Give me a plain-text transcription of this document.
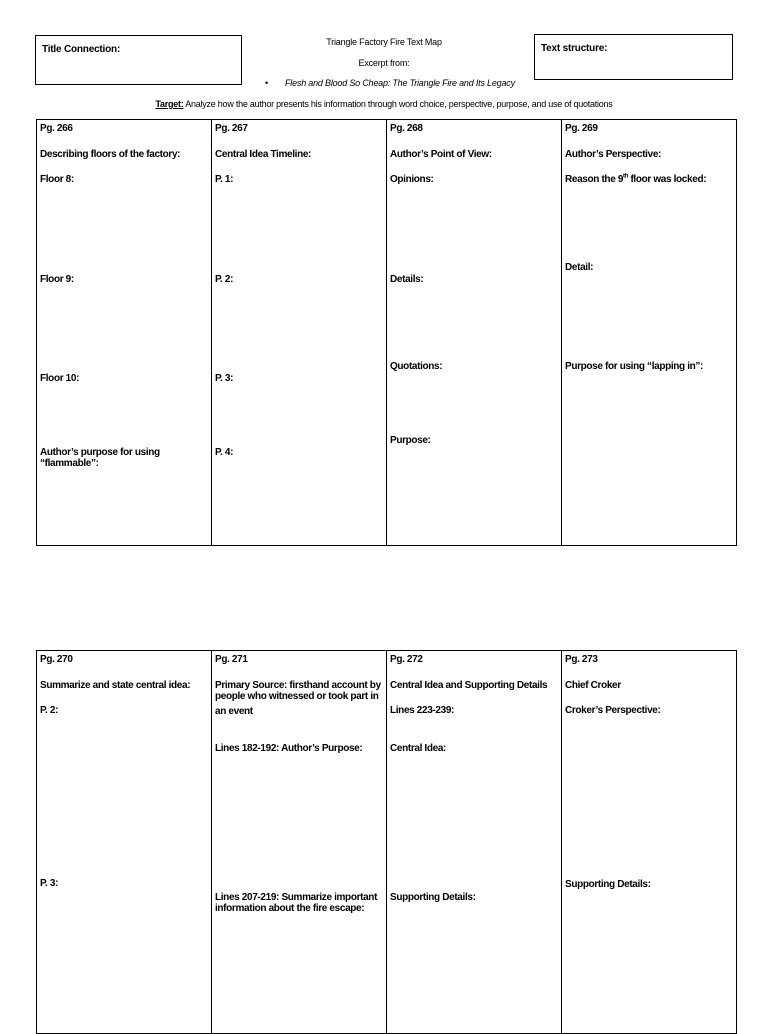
Title Connection:	Text structure:
Triangle Factory Fire Text Map
Excerpt from:
• Flesh and Blood So Cheap: The Triangle Fire and Its Legacy
Target: Analyze how the author presents his information through word choice, perspective, purpose, and use of quotations
Pg. 266
Describing floors of the factory:
Floor 8:
Floor 9:
Floor 10:
Author’s purpose for using
“flammable”:

Pg. 267
Central Idea Timeline:
P. 1:
P. 2:
P. 3:
P. 4:

Pg. 268
Author’s Point of View:
Opinions:
Details:
Quotations:
Purpose:

Pg. 269
Author’s Perspective:
Reason the 9th floor was locked:
Detail:
Purpose for using “lapping in”:
Pg. 270
Summarize and state central idea:
P. 2:
P. 3:

Pg. 271
Primary Source: firsthand account by
people who witnessed or took part in
an event
Lines 182-192: Author’s Purpose:
Lines 207-219: Summarize important
information about the fire escape:

Pg. 272
Central Idea and Supporting Details
Lines 223-239:
Central Idea:
Supporting Details:

Pg. 273
Chief Croker
Croker’s Perspective:
Supporting Details:
